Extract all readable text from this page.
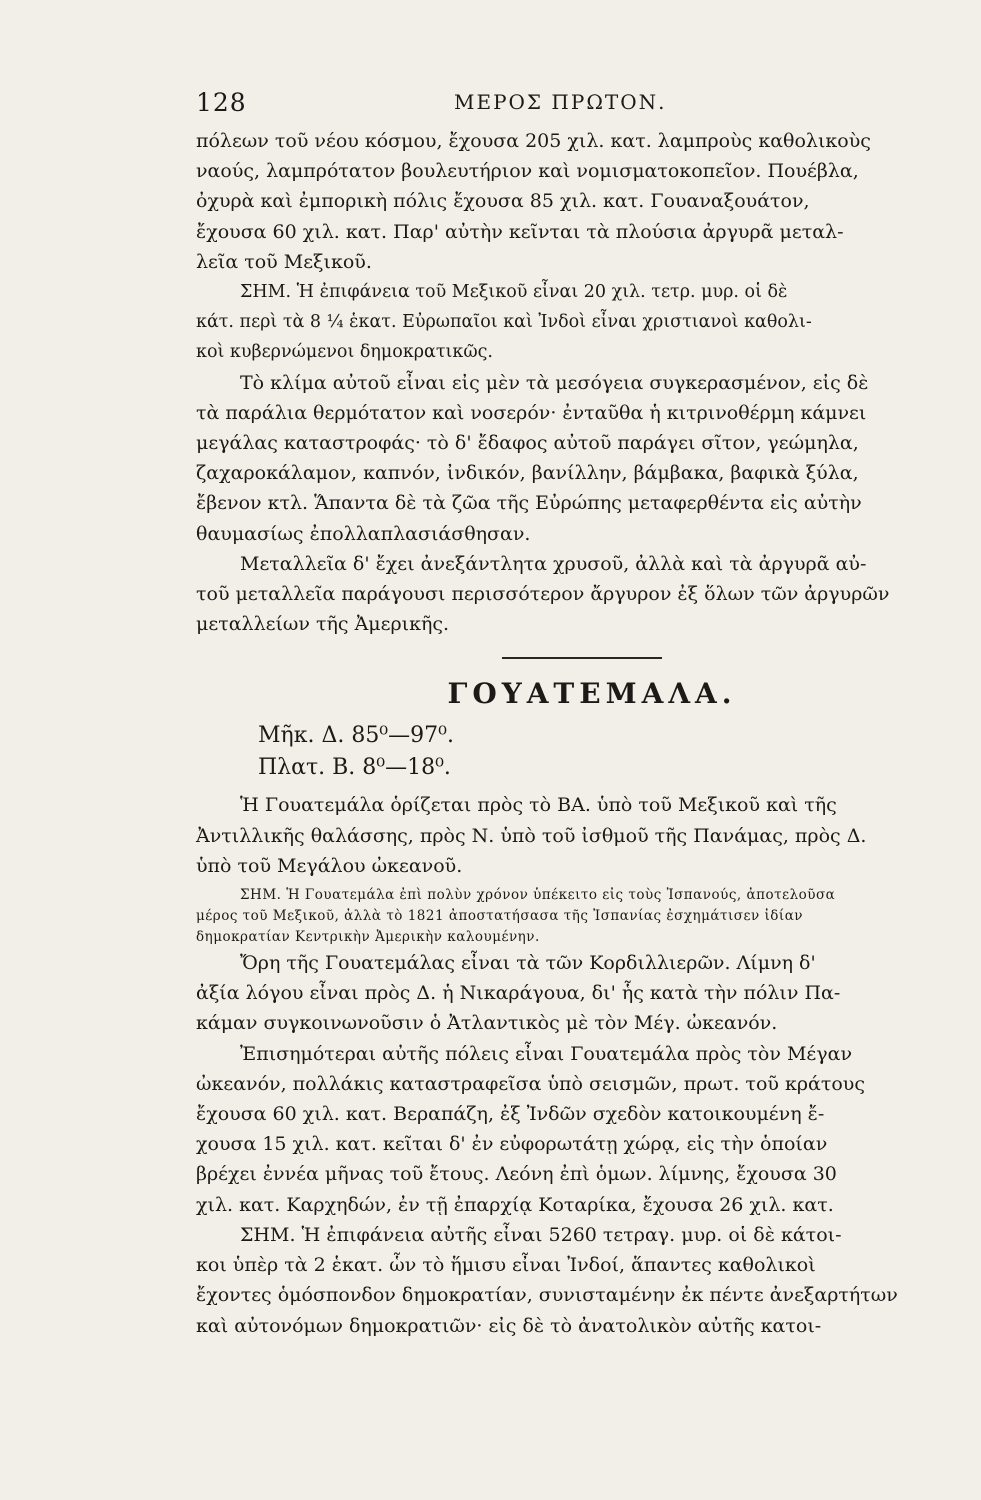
128	ΜΕΡΟΣ ΠΡΩΤΟΝ.

πόλεων τοῦ νέου κόσμου, ἔχουσα 205 χιλ. κατ. λαμπροὺς καθολικοὺς
ναούς, λαμπρότατον βουλευτήριον καὶ νομισματοκοπεῖον. Πουέβλα,
ὀχυρὰ καὶ ἐμπορικὴ πόλις ἔχουσα 85 χιλ. κατ. Γουαναξουάτον,
ἔχουσα 60 χιλ. κατ. Παρ' αὐτὴν κεῖνται τὰ πλούσια ἀργυρᾶ μεταλ-
λεῖα τοῦ Μεξικοῦ.

ΣΗΜ. Ἡ ἐπιφάνεια τοῦ Μεξικοῦ εἶναι 20 χιλ. τετρ. μυρ. οἱ δὲ
κάτ. περὶ τὰ 8 ¼ ἑκατ. Εὐρωπαῖοι καὶ Ἰνδοὶ εἶναι χριστιανοὶ καθολι-
κοὶ κυβερνώμενοι δημοκρατικῶς.

Τὸ κλίμα αὐτοῦ εἶναι εἰς μὲν τὰ μεσόγεια συγκερασμένον, εἰς δὲ
τὰ παράλια θερμότατον καὶ νοσερόν· ἐνταῦθα ἡ κιτρινοθέρμη κάμνει
μεγάλας καταστροφάς· τὸ δ' ἔδαφος αὐτοῦ παράγει σῖτον, γεώμηλα,
ζαχαροκάλαμον, καπνόν, ἰνδικόν, βανίλλην, βάμβακα, βαφικὰ ξύλα,
ἔβενον κτλ. Ἅπαντα δὲ τὰ ζῶα τῆς Εὐρώπης μεταφερθέντα εἰς αὐτὴν
θαυμασίως ἐπολλαπλασιάσθησαν.

Μεταλλεῖα δ' ἔχει ἀνεξάντλητα χρυσοῦ, ἀλλὰ καὶ τὰ ἀργυρᾶ αὐ-
τοῦ μεταλλεῖα παράγουσι περισσότερον ἄργυρον ἐξ ὅλων τῶν ἀργυρῶν
μεταλλείων τῆς Ἀμερικῆς.

ΓΟΥΑΤΕΜΑΛΑ.

Μῆκ. Δ. 85⁰—97⁰.

Πλατ. Β. 8⁰—18⁰.

Ἡ Γουατεμάλα ὁρίζεται πρὸς τὸ ΒΑ. ὑπὸ τοῦ Μεξικοῦ καὶ τῆς
Ἀντιλλικῆς θαλάσσης, πρὸς Ν. ὑπὸ τοῦ ἰσθμοῦ τῆς Πανάμας, πρὸς Δ.
ὑπὸ τοῦ Μεγάλου ὠκεανοῦ.

ΣΗΜ. Ἡ Γουατεμάλα ἐπὶ πολὺν χρόνον ὑπέκειτο εἰς τοὺς Ἰσπανούς, ἀποτελοῦσα
μέρος τοῦ Μεξικοῦ, ἀλλὰ τὸ 1821 ἀποστατήσασα τῆς Ἰσπανίας ἐσχημάτισεν ἰδίαν
δημοκρατίαν Κεντρικὴν Ἀμερικὴν καλουμένην.

Ὄρη τῆς Γουατεμάλας εἶναι τὰ τῶν Κορδιλλιερῶν. Λίμνη δ'
ἀξία λόγου εἶναι πρὸς Δ. ἡ Νικαράγουα, δι' ἧς κατὰ τὴν πόλιν Πα-
κάμαν συγκοινωνοῦσιν ὁ Ἀτλαντικὸς μὲ τὸν Μέγ. ὠκεανόν.

Ἐπισημότεραι αὐτῆς πόλεις εἶναι Γουατεμάλα πρὸς τὸν Μέγαν
ὠκεανόν, πολλάκις καταστραφεῖσα ὑπὸ σεισμῶν, πρωτ. τοῦ κράτους
ἔχουσα 60 χιλ. κατ. Βεραπάζη, ἐξ Ἰνδῶν σχεδὸν κατοικουμένη ἔ-
χουσα 15 χιλ. κατ. κεῖται δ' ἐν εὐφορωτάτῃ χώρᾳ, εἰς τὴν ὁποίαν
βρέχει ἐννέα μῆνας τοῦ ἔτους. Λεόνη ἐπὶ ὁμων. λίμνης, ἔχουσα 30
χιλ. κατ. Καρχηδών, ἐν τῇ ἐπαρχίᾳ Κοταρίκα, ἔχουσα 26 χιλ. κατ.

ΣΗΜ. Ἡ ἐπιφάνεια αὐτῆς εἶναι 5260 τετραγ. μυρ. οἱ δὲ κάτοι-
κοι ὑπὲρ τὰ 2 ἑκατ. ὧν τὸ ἥμισυ εἶναι Ἰνδοί, ἅπαντες καθολικοὶ
ἔχοντες ὁμόσπονδον δημοκρατίαν, συνισταμένην ἐκ πέντε ἀνεξαρτήτων
καὶ αὐτονόμων δημοκρατιῶν· εἰς δὲ τὸ ἀνατολικὸν αὐτῆς κατοι-
